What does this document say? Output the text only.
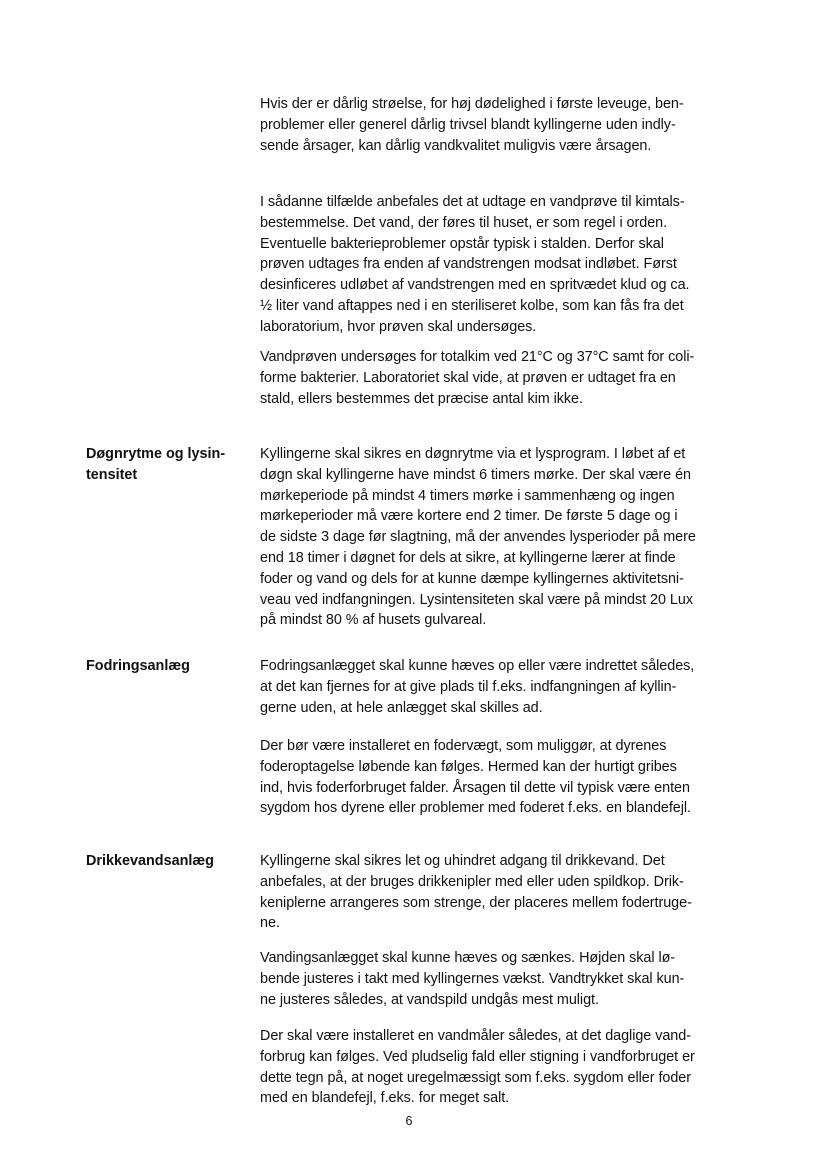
Hvis der er dårlig strøelse, for høj dødelighed i første leveuge, ben-
problemer eller generel dårlig trivsel blandt kyllingerne uden indly-
sende årsager, kan dårlig vandkvalitet muligvis være årsagen.
I sådanne tilfælde anbefales det at udtage en vandprøve til kimtals-
bestemmelse. Det vand, der føres til huset, er som regel i orden.
Eventuelle bakterieproblemer opstår typisk i stalden. Derfor skal
prøven udtages fra enden af vandstrengen modsat indløbet. Først
desinficeres udløbet af vandstrengen med en spritvædet klud og ca.
½ liter vand aftappes ned i en steriliseret kolbe, som kan fås fra det
laboratorium, hvor prøven skal undersøges.
Vandprøven undersøges for totalkim ved 21°C og 37°C samt for coli-
forme bakterier. Laboratoriet skal vide, at prøven er udtaget fra en
stald, ellers bestemmes det præcise antal kim ikke.
Døgnrytme og lysin-
tensitet
Kyllingerne skal sikres en døgnrytme via et lysprogram. I løbet af et
døgn skal kyllingerne have mindst 6 timers mørke. Der skal være én
mørkeperiode på mindst 4 timers mørke i sammenhæng og ingen
mørkeperioder må være kortere end 2 timer. De første 5 dage og i
de sidste 3 dage før slagtning, må der anvendes lysperioder på mere
end 18 timer i døgnet for dels at sikre, at kyllingerne lærer at finde
foder og vand og dels for at kunne dæmpe kyllingernes aktivitetsni-
veau ved indfangningen. Lysintensiteten skal være på mindst 20 Lux
på mindst 80 % af husets gulvareal.
Fodringsanlæg	Fodringsanlægget skal kunne hæves op eller være indrettet således,
at det kan fjernes for at give plads til f.eks. indfangningen af kyllin-
gerne uden, at hele anlægget skal skilles ad.
Der bør være installeret en fodervægt, som muliggør, at dyrenes
foderoptagelse løbende kan følges. Hermed kan der hurtigt gribes
ind, hvis foderforbruget falder. Årsagen til dette vil typisk være enten
sygdom hos dyrene eller problemer med foderet f.eks. en blandefejl.
Drikkevandsanlæg	Kyllingerne skal sikres let og uhindret adgang til drikkevand. Det
anbefales, at der bruges drikkenipler med eller uden spildkop. Drik-
keniplerne arrangeres som strenge, der placeres mellem fodertruge-
ne.
Vandingsanlægget skal kunne hæves og sænkes. Højden skal lø-
bende justeres i takt med kyllingernes vækst. Vandtrykket skal kun-
ne justeres således, at vandspild undgås mest muligt.
Der skal være installeret en vandmåler således, at det daglige vand-
forbrug kan følges. Ved pludselig fald eller stigning i vandforbruget er
dette tegn på, at noget uregelmæssigt som f.eks. sygdom eller foder
med en blandefejl, f.eks. for meget salt.
6
